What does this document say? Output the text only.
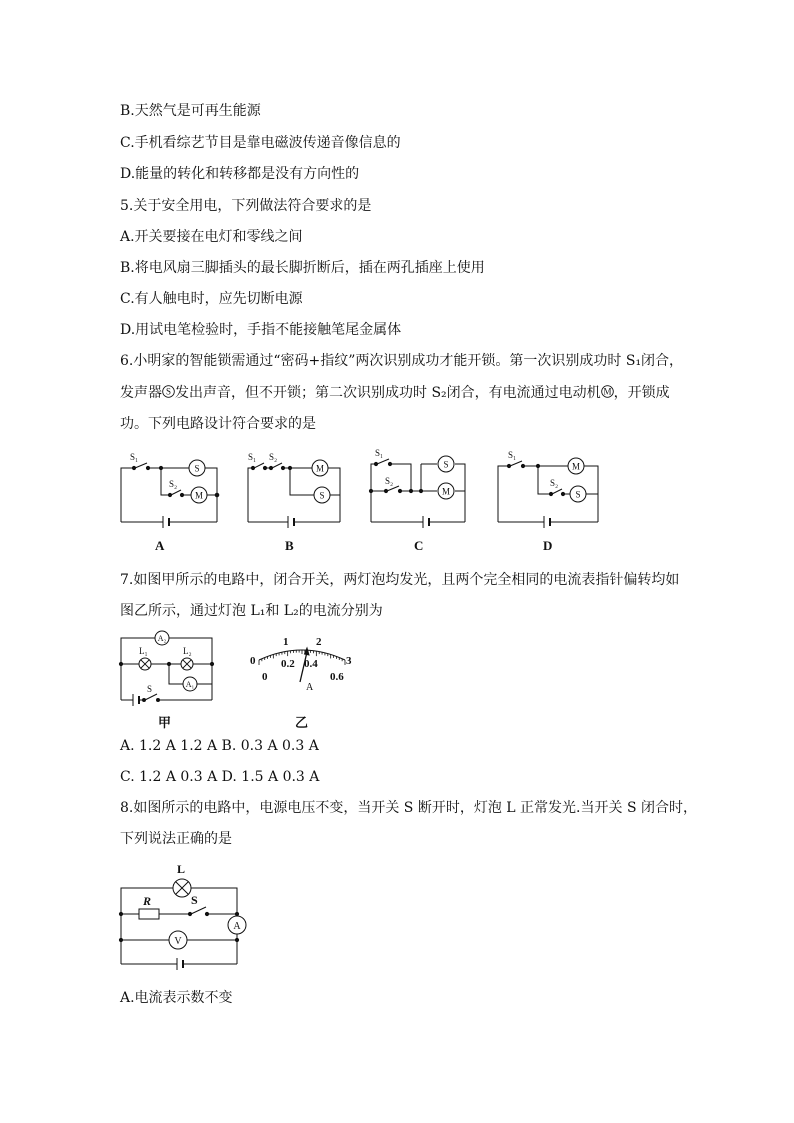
B.天然气是可再生能源
C.手机看综艺节目是靠电磁波传递音像信息的
D.能量的转化和转移都是没有方向性的
5.关于安全用电，下列做法符合要求的是
A.开关要接在电灯和零线之间
B.将电风扇三脚插头的最长脚折断后，插在两孔插座上使用
C.有人触电时，应先切断电源
D.用试电笔检验时，手指不能接触笔尾金属体
6.小明家的智能锁需通过“密码+指纹”两次识别成功才能开锁。第一次识别成功时 S₁闭合，
发声器 S 发出声音，但不开锁；第二次识别成功时 S₂闭合，有电流通过电动机 M ，开锁成
功。下列电路设计符合要求的是
S₁
S₂
S
M
A
S₁ S₂
M
S
B
S₁
S₂
S
M
C
S₁
S₂
M
S
D
7.如图甲所示的电路中，闭合开关，两灯泡均发光，且两个完全相同的电流表指针偏转均如
图乙所示，通过灯泡 L₁和 L₂的电流分别为
A₂
A₁
L₁	L₂
S
甲
0
1	2
3
0
0.2 0.4
0.6
A
乙
A. 1.2 A 1.2 A B. 0.3 A 0.3 A
C. 1.2 A 0.3 A D. 1.5 A 0.3 A
8.如图所示的电路中，电源电压不变，当开关 S 断开时，灯泡 L 正常发光.当开关 S 闭合时，
下列说法正确的是
L
R	S
A
V
A.电流表示数不变
